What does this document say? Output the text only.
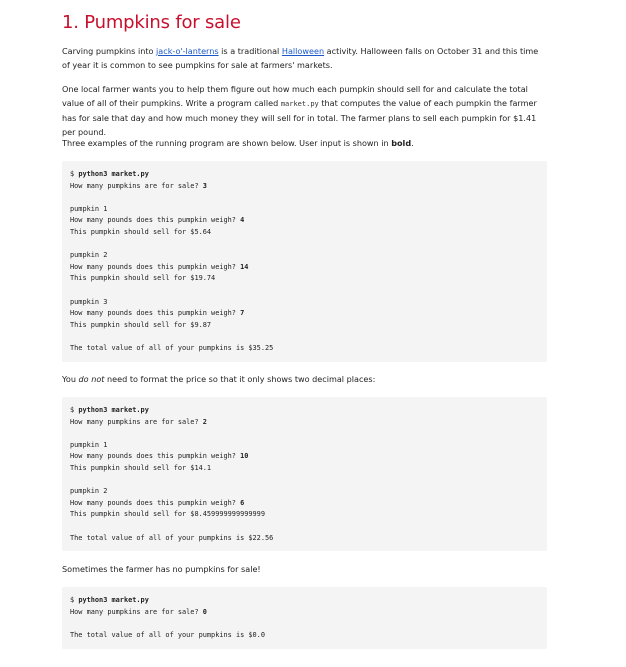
1. Pumpkins for sale

Carving pumpkins into jack-o'-lanterns is a traditional Halloween activity. Halloween falls on October 31 and this time of year it is common to see pumpkins for sale at farmers' markets.

One local farmer wants you to help them figure out how much each pumpkin should sell for and calculate the total value of all of their pumpkins. Write a program called market.py that computes the value of each pumpkin the farmer has for sale that day and how much money they will sell for in total. The farmer plans to sell each pumpkin for $1.41 per pound.

Three examples of the running program are shown below. User input is shown in bold.

$ python3 market.py
How many pumpkins are for sale? 3
pumpkin 1
How many pounds does this pumpkin weigh? 4
This pumpkin should sell for $5.64
pumpkin 2
How many pounds does this pumpkin weigh? 14
This pumpkin should sell for $19.74
pumpkin 3
How many pounds does this pumpkin weigh? 7
This pumpkin should sell for $9.87
The total value of all of your pumpkins is $35.25

You do not need to format the price so that it only shows two decimal places:

$ python3 market.py
How many pumpkins are for sale? 2
pumpkin 1
How many pounds does this pumpkin weigh? 10
This pumpkin should sell for $14.1
pumpkin 2
How many pounds does this pumpkin weigh? 6
This pumpkin should sell for $8.459999999999999
The total value of all of your pumpkins is $22.56

Sometimes the farmer has no pumpkins for sale!

$ python3 market.py
How many pumpkins are for sale? 0
The total value of all of your pumpkins is $0.0
